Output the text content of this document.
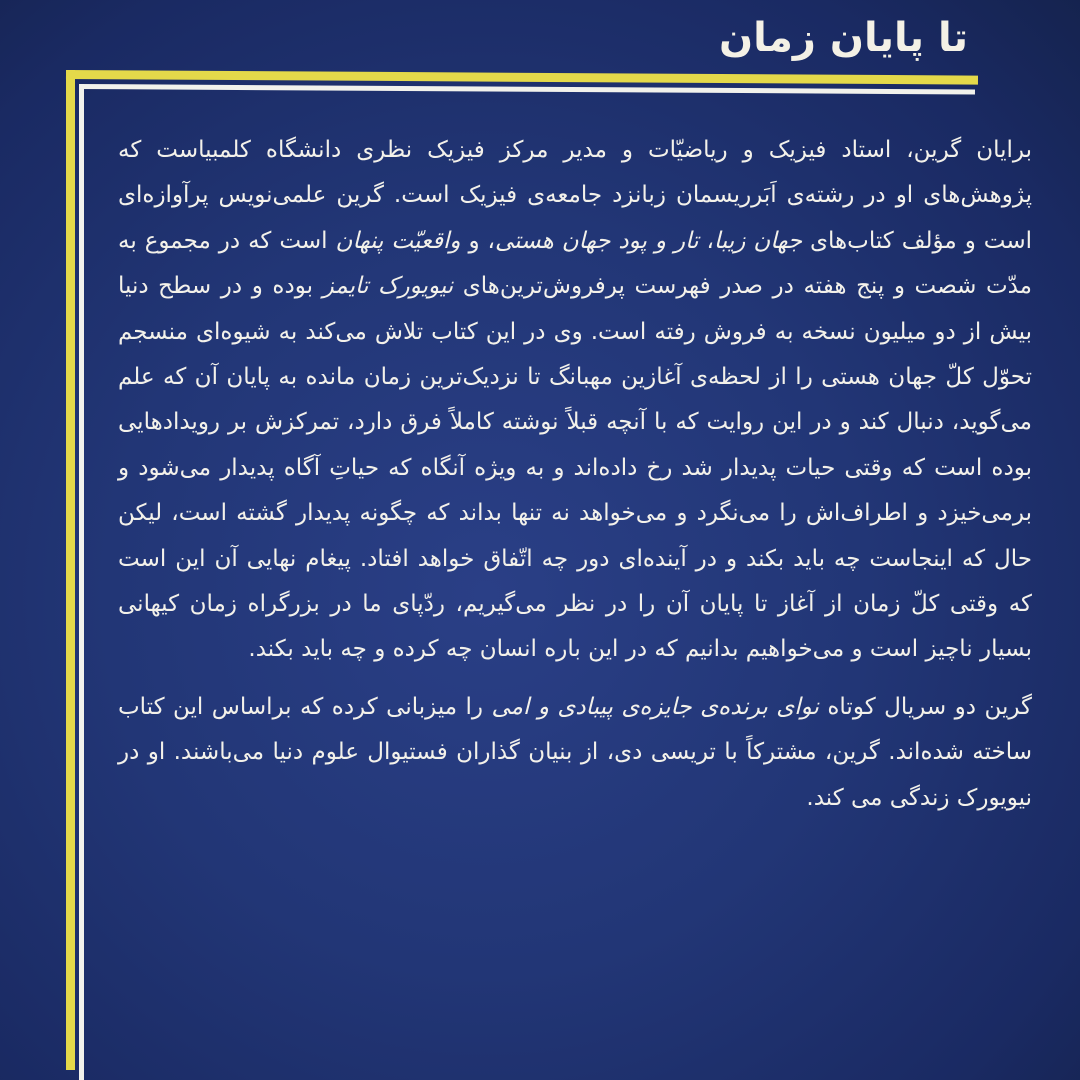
تا پایان زمان

برایان گرین، استاد فیزیک و ریاضیّات و مدیر مرکز فیزیک نظری دانشگاه کلمبیاست که پژوهش‌های او در رشته‌ی اَبَرریسمان زبانزد جامعه‌ی فیزیک است. گرین علمی‌نویس پرآوازه‌ای است و مؤلف کتاب‌های جهان زیبا، تار و پود جهان هستی، و واقعیّت پنهان است که در مجموع به مدّت شصت و پنج هفته در صدر فهرست پرفروش‌ترین‌های نیویورک تایمز بوده و در سطح دنیا بیش از دو میلیون نسخه به فروش رفته است. وی در این کتاب تلاش می‌کند به شیوه‌ای منسجم تحوّل کلّ جهان هستی را از لحظه‌ی آغازین مهبانگ تا نزدیک‌ترین زمان مانده به پایان آن که علم می‌گوید، دنبال کند و در این روایت که با آنچه قبلاً نوشته کاملاً فرق دارد، تمرکزش بر رویدادهایی بوده است که وقتی حیات پدیدار شد رخ داده‌اند و به ویژه آنگاه که حیاتِ آگاه پدیدار می‌شود و برمی‌خیزد و اطراف‌اش را می‌نگرد و می‌خواهد نه تنها بداند که چگونه پدیدار گشته است، لیکن حال که اینجاست چه باید بکند و در آینده‌ای دور چه اتّفاق خواهد افتاد. پیغام نهایی آن این است که وقتی کلّ زمان از آغاز تا پایان آن را در نظر می‌گیریم، ردّپای ما در بزرگراه زمان کیهانی بسیار ناچیز است و می‌خواهیم بدانیم که در این باره انسان چه کرده و چه باید بکند.

گرین دو سریال کوتاه نوای برنده‌ی جایزه‌ی پیبادی و امی را میزبانی کرده که براساس این کتاب ساخته شده‌اند. گرین، مشترکاً با تریسی دی، از بنیان گذاران فستیوال علوم دنیا می‌باشند. او در نیویورک زندگی می کند.
